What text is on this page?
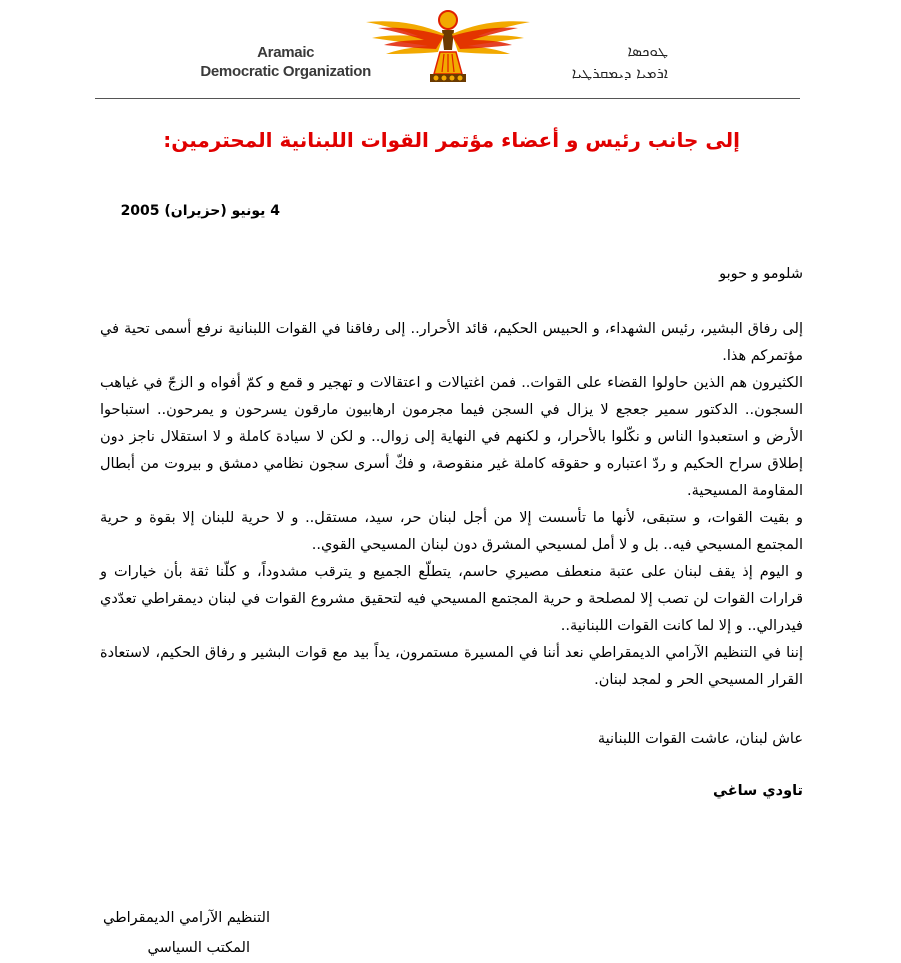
Aramaic
Democratic Organization
ܛܘܟܣܐ
ܐܪܡܝܐ ܕܝܡܩܪܛܝܐ
إلى جانب رئيس و أعضاء مؤتمر القوات اللبنانية المحترمين:
4 يونيو (حزيران) 2005

شلومو و حوبو

إلى رفاق البشير، رئيس الشهداء، و الحبيس الحكيم، قائد الأحرار.. إلى رفاقنا في القوات اللبنانية نرفع أسمى تحية في مؤتمركم هذا.

الكثيرون هم الذين حاولوا القضاء على القوات.. فمن اغتيالات و اعتقالات و تهجير و قمع و كمّ أفواه و الزجّ في غياهب السجون.. الدكتور سمير جعجع لا يزال في السجن فيما مجرمون ارهابيون مارقون يسرحون و يمرحون.. استباحوا الأرض و استعبدوا الناس و نكّلوا بالأحرار، و لكنهم في النهاية إلى زوال.. و لكن لا سيادة كاملة و لا استقلال ناجز دون إطلاق سراح الحكيم و ردّ اعتباره و حقوقه كاملة غير منقوصة، و فكّ أسرى سجون نظامي دمشق و بيروت من أبطال المقاومة المسيحية.

و بقيت القوات، و ستبقى، لأنها ما تأسست إلا من أجل لبنان حر، سيد، مستقل.. و لا حرية للبنان إلا بقوة و حرية المجتمع المسيحي فيه.. بل و لا أمل لمسيحي المشرق دون لبنان المسيحي القوي..

و اليوم إذ يقف لبنان على عتبة منعطف مصيري حاسم، يتطلّع الجميع و يترقب مشدوداً، و كلّنا ثقة بأن خيارات و قرارات القوات لن تصب إلا لمصلحة و حرية المجتمع المسيحي فيه لتحقيق مشروع القوات في لبنان ديمقراطي تعدّدي فيدرالي.. و إلا لما كانت القوات اللبنانية..

إننا في التنظيم الآرامي الديمقراطي نعد أننا في المسيرة مستمرون، يداً بيد مع قوات البشير و رفاق الحكيم، لاستعادة القرار المسيحي الحر و لمجد لبنان.

عاش لبنان، عاشت القوات اللبنانية

تاودي ساغي

التنظيم الآرامي الديمقراطي
المكتب السياسي
